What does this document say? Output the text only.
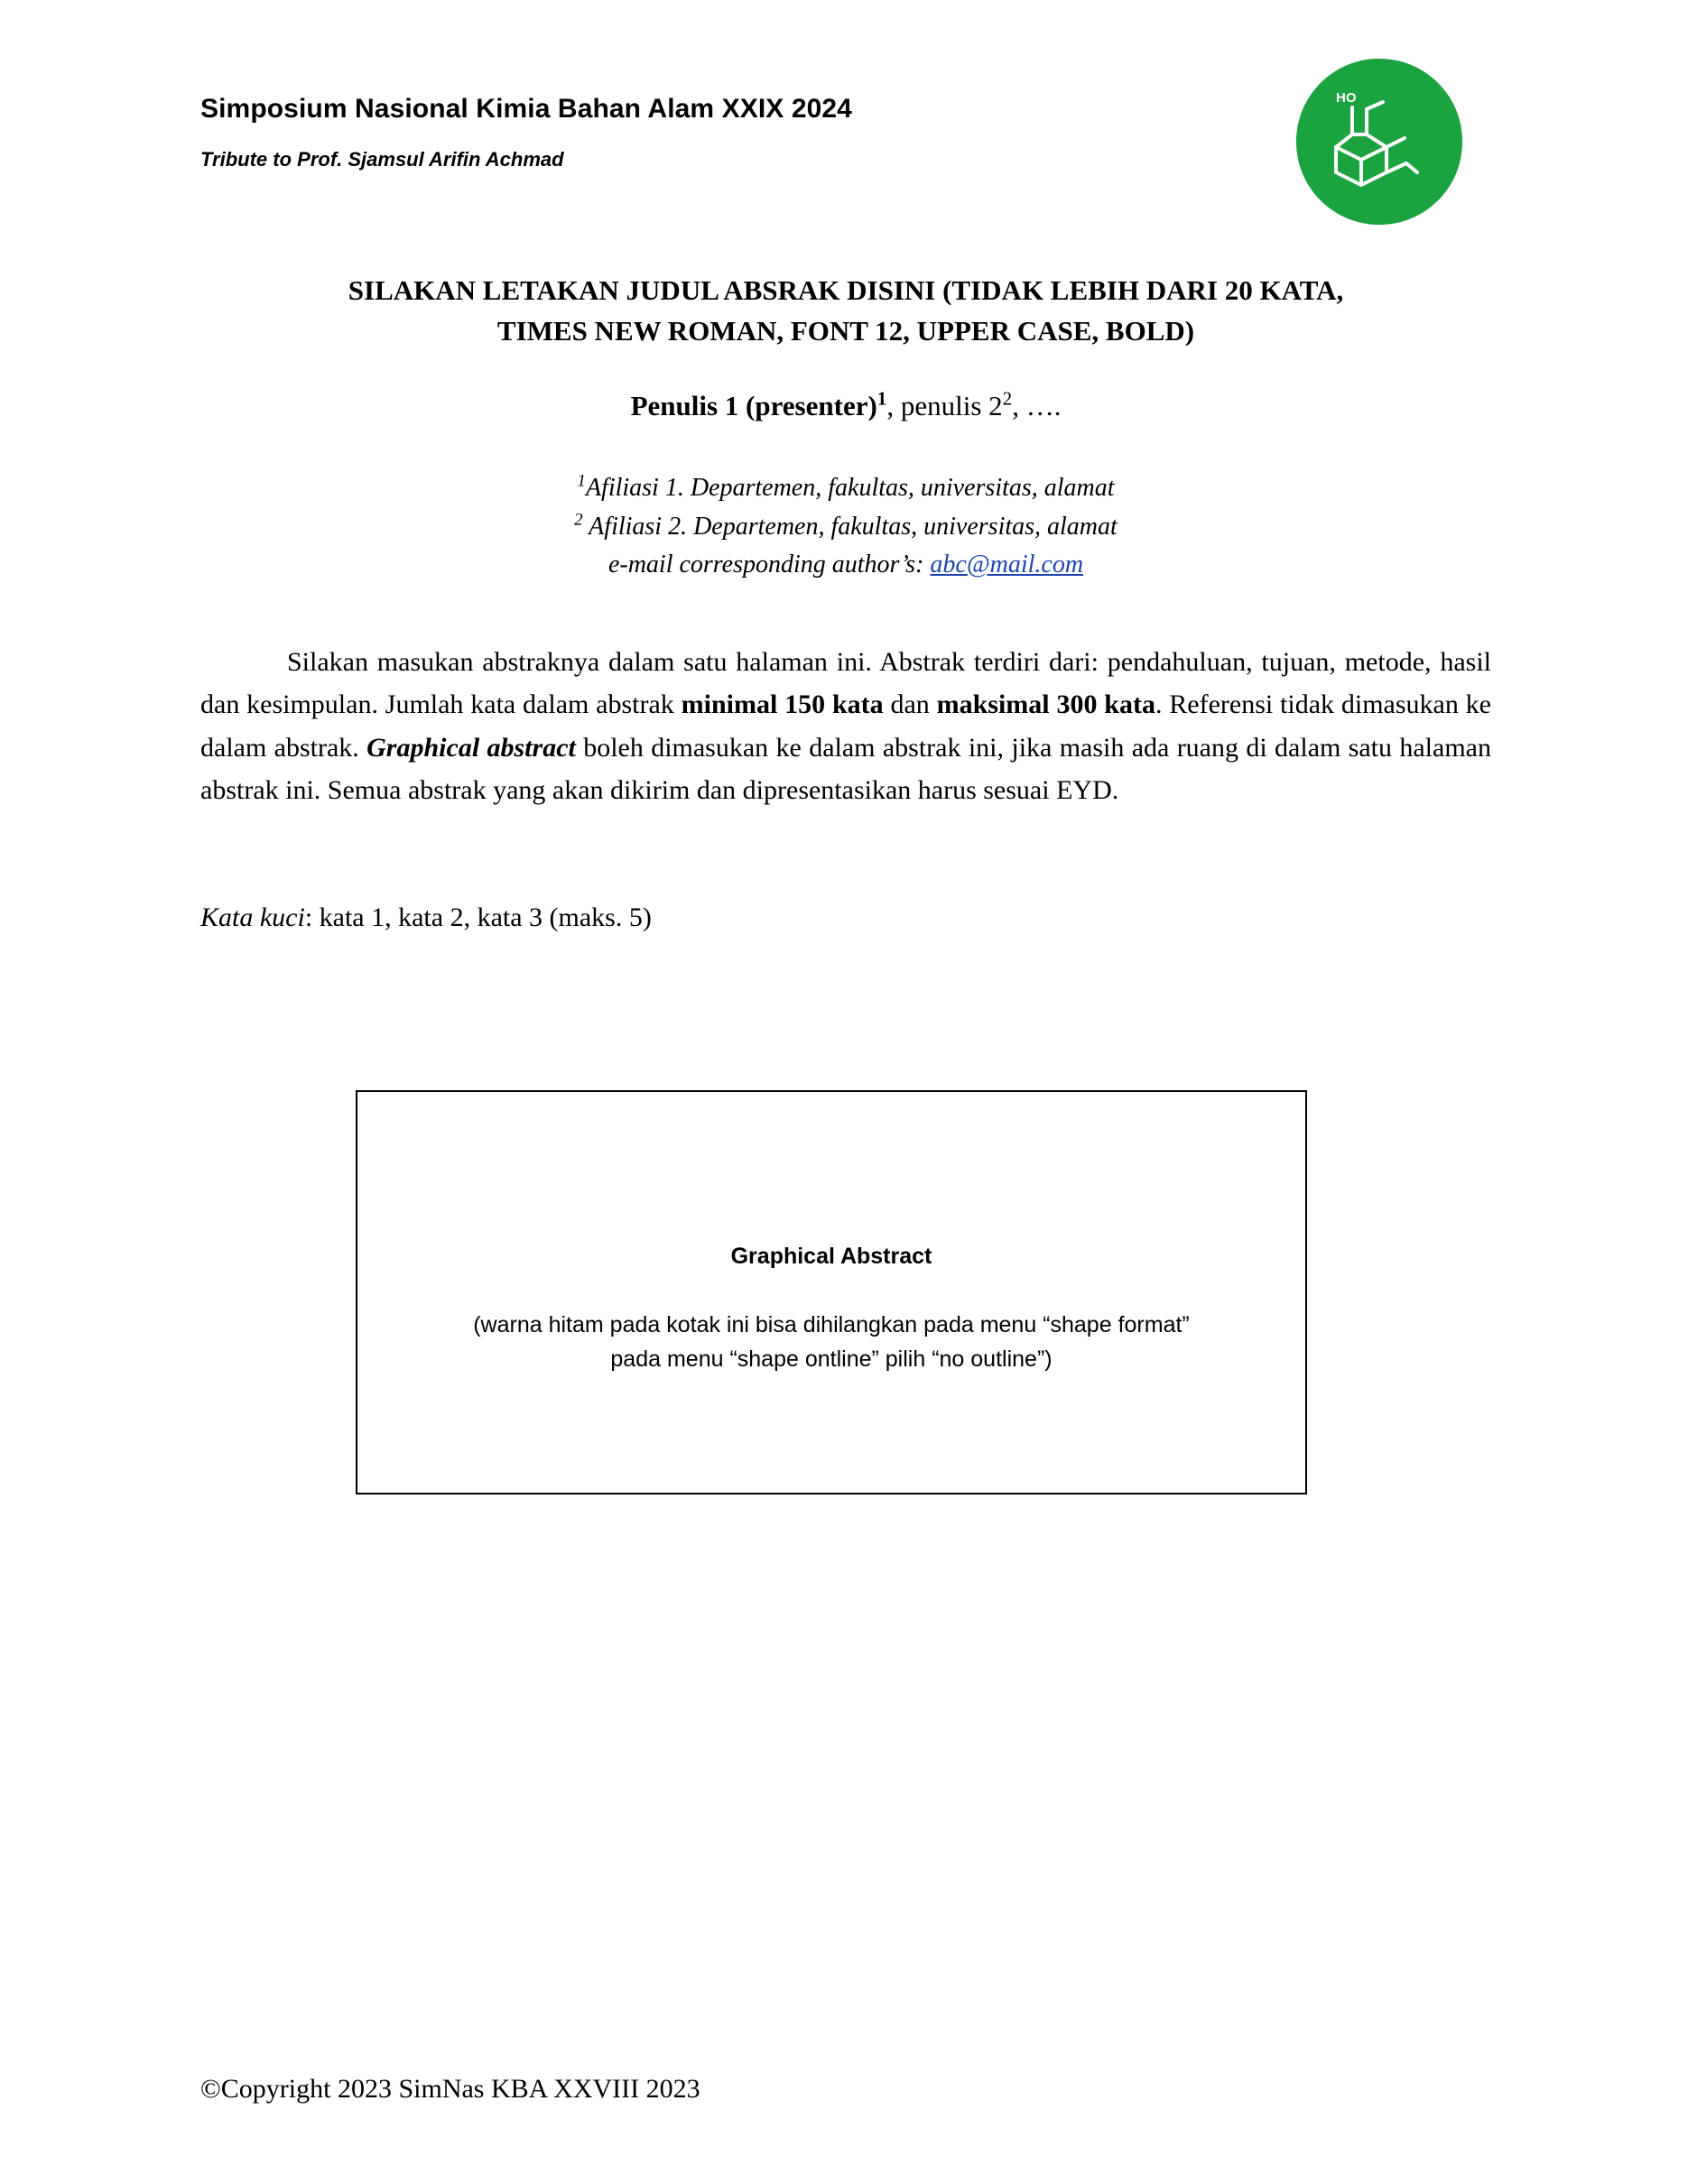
Simposium Nasional Kimia Bahan Alam XXIX 2024
Tribute to Prof. Sjamsul Arifin Achmad
HO
SILAKAN LETAKAN JUDUL ABSRAK DISINI (TIDAK LEBIH DARI 20 KATA,
TIMES NEW ROMAN, FONT 12, UPPER CASE, BOLD)
Penulis 1 (presenter)$^1$, penulis $2^2$, ….
$^1$Afiliasi 1. Departemen, fakultas, universitas, alamat
$^2$ Afiliasi 2. Departemen, fakultas, universitas, alamat
e-mail corresponding author’s: abc@mail.com
Silakan masukan abstraknya dalam satu halaman ini. Abstrak terdiri dari: pendahuluan, tujuan, metode, hasil dan kesimpulan. Jumlah kata dalam abstrak minimal 150 kata dan maksimal 300 kata. Referensi tidak dimasukan ke dalam abstrak. Graphical abstract boleh dimasukan ke dalam abstrak ini, jika masih ada ruang di dalam satu halaman abstrak ini. Semua abstrak yang akan dikirim dan dipresentasikan harus sesuai EYD.
Kata kuci: kata 1, kata 2, kata 3 (maks. 5)
Graphical Abstract
(warna hitam pada kotak ini bisa dihilangkan pada menu “shape format”
pada menu “shape ontline” pilih “no outline”)
©Copyright 2023 SimNas KBA XXVIII 2023
